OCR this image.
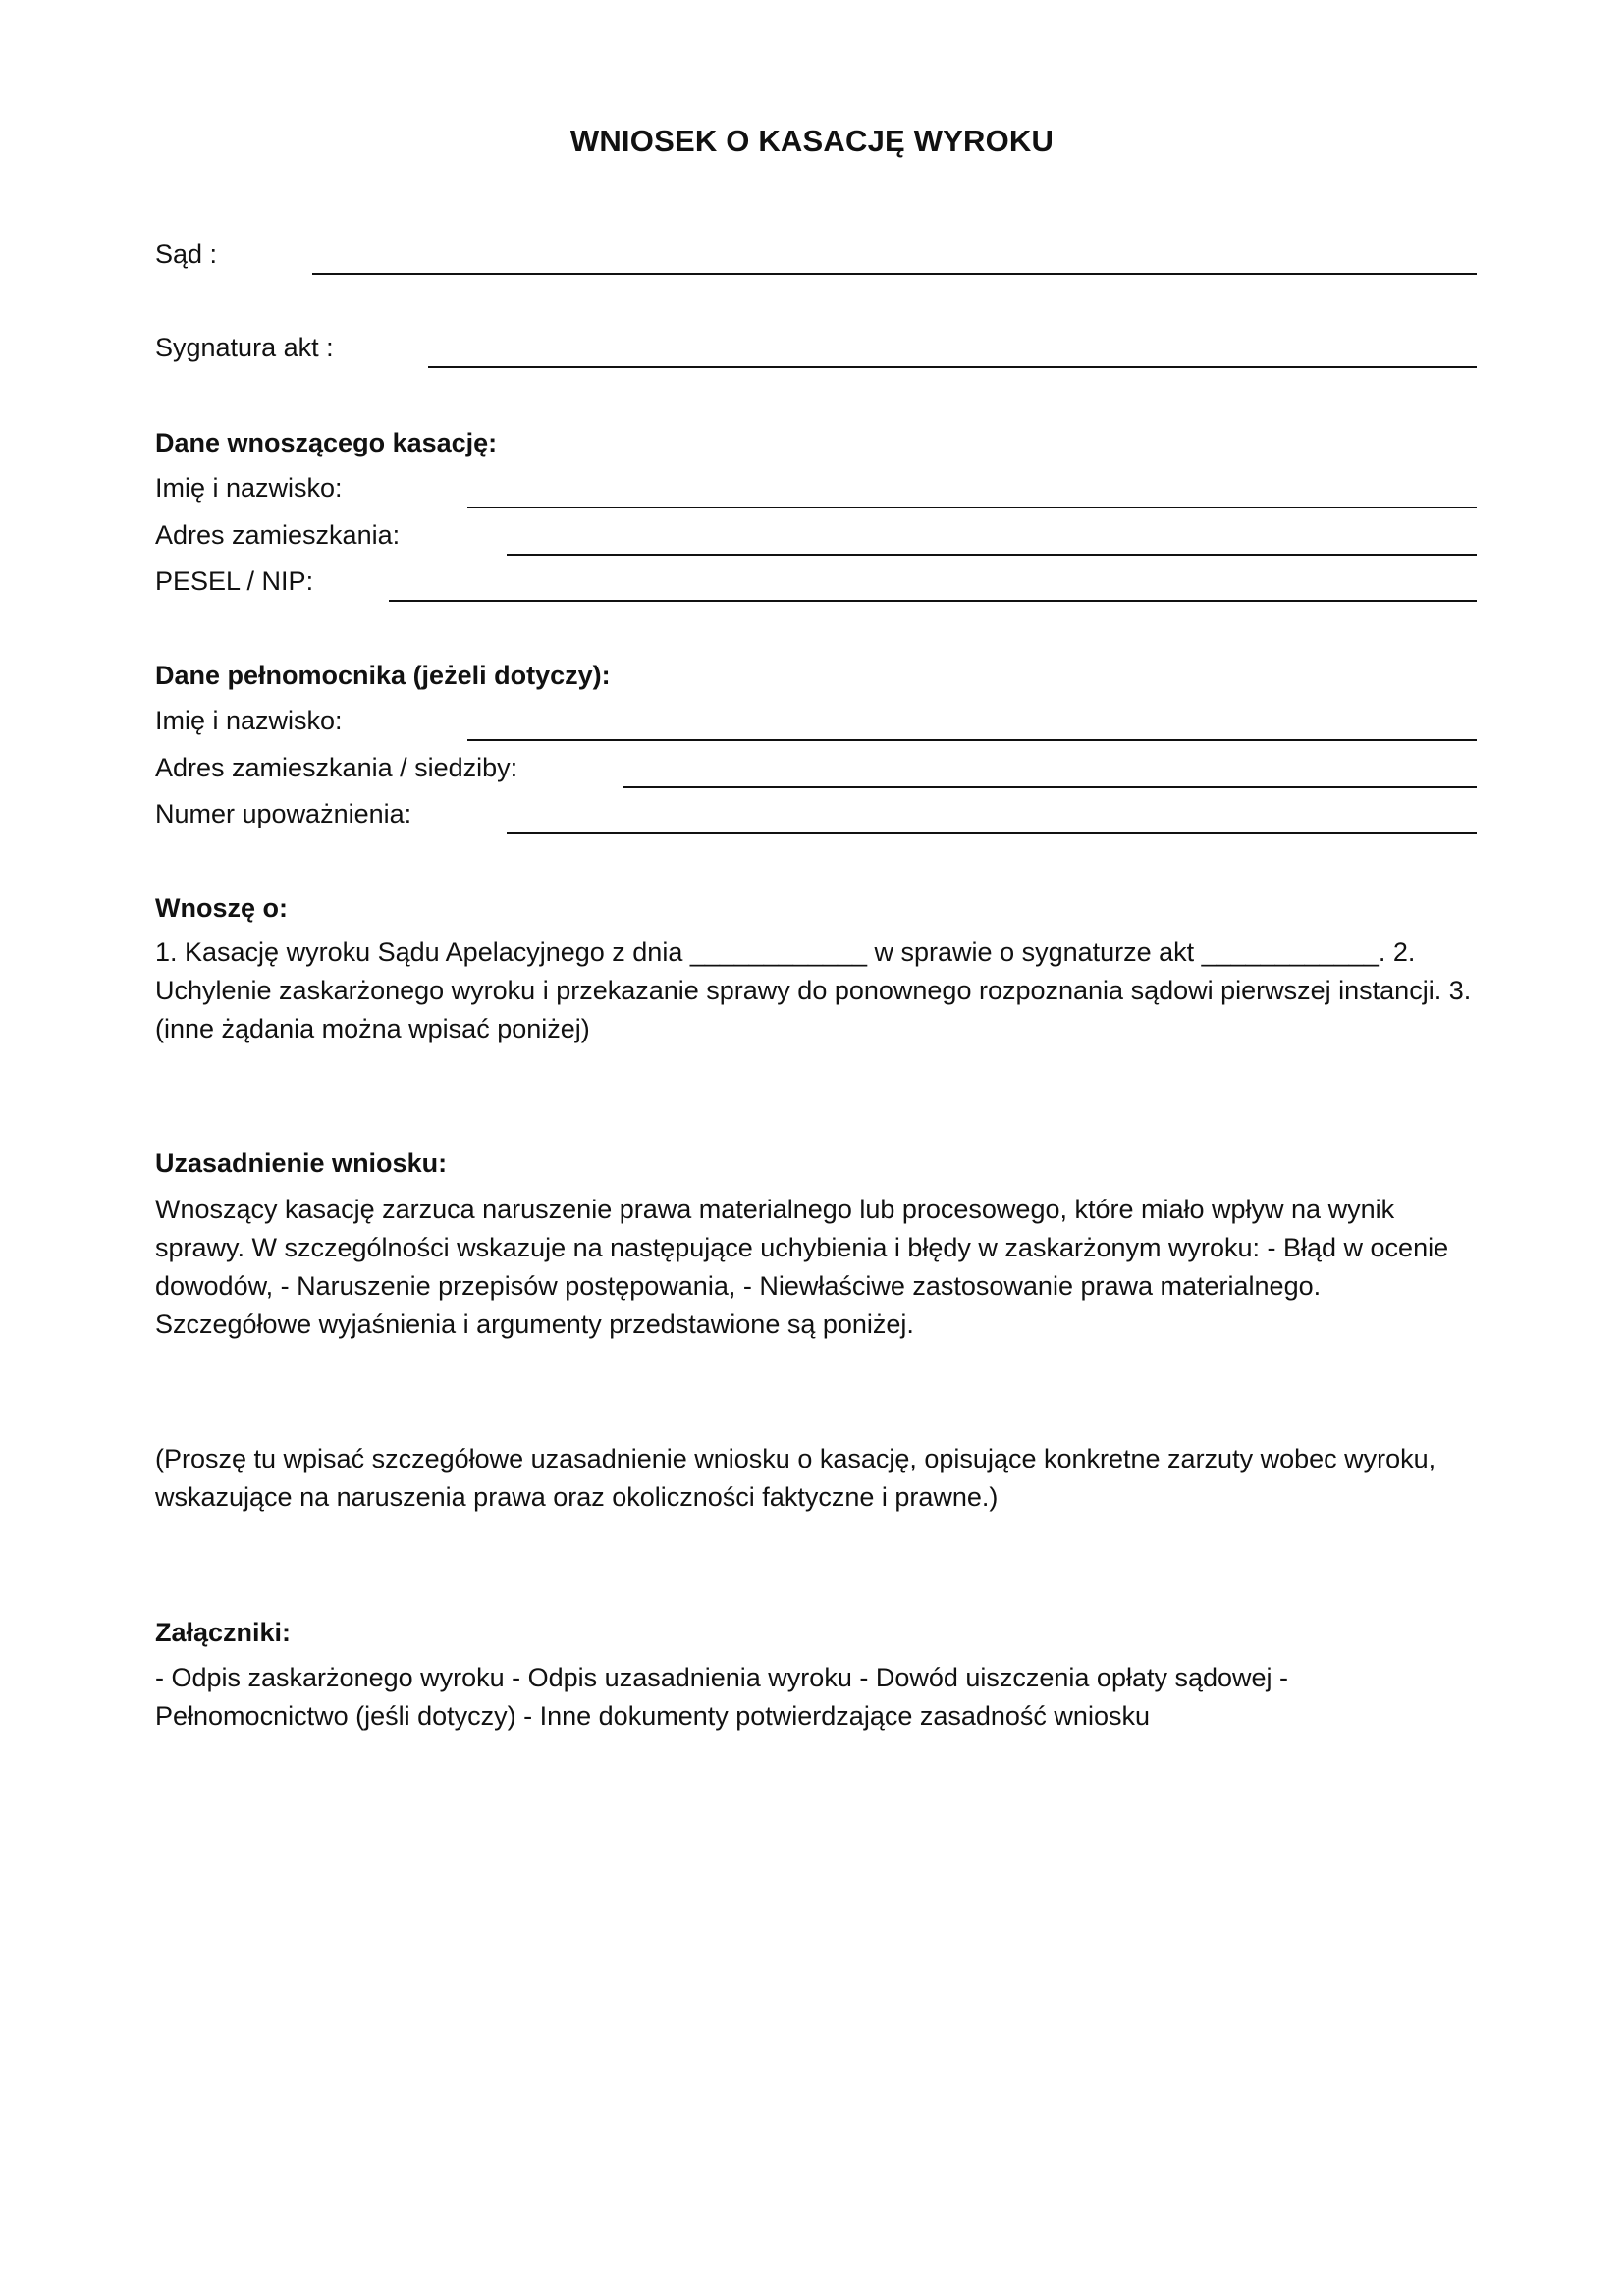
WNIOSEK O KASACJĘ WYROKU
Sąd :
Sygnatura akt :
Dane wnoszącego kasację:
Imię i nazwisko:
Adres zamieszkania:
PESEL / NIP:
Dane pełnomocnika (jeżeli dotyczy):
Imię i nazwisko:
Adres zamieszkania / siedziby:
Numer upoważnienia:
Wnoszę o:
1. Kasację wyroku Sądu Apelacyjnego z dnia ____________ w sprawie o sygnaturze akt ____________. 2. Uchylenie zaskarżonego wyroku i przekazanie sprawy do ponownego rozpoznania sądowi pierwszej instancji. 3. (inne żądania można wpisać poniżej)
Uzasadnienie wniosku:
Wnoszący kasację zarzuca naruszenie prawa materialnego lub procesowego, które miało wpływ na wynik sprawy. W szczególności wskazuje na następujące uchybienia i błędy w zaskarżonym wyroku: - Błąd w ocenie dowodów, - Naruszenie przepisów postępowania, - Niewłaściwe zastosowanie prawa materialnego. Szczegółowe wyjaśnienia i argumenty przedstawione są poniżej.
(Proszę tu wpisać szczegółowe uzasadnienie wniosku o kasację, opisujące konkretne zarzuty wobec wyroku, wskazujące na naruszenia prawa oraz okoliczności faktyczne i prawne.)
Załączniki:
- Odpis zaskarżonego wyroku - Odpis uzasadnienia wyroku - Dowód uiszczenia opłaty sądowej - Pełnomocnictwo (jeśli dotyczy) - Inne dokumenty potwierdzające zasadność wniosku
